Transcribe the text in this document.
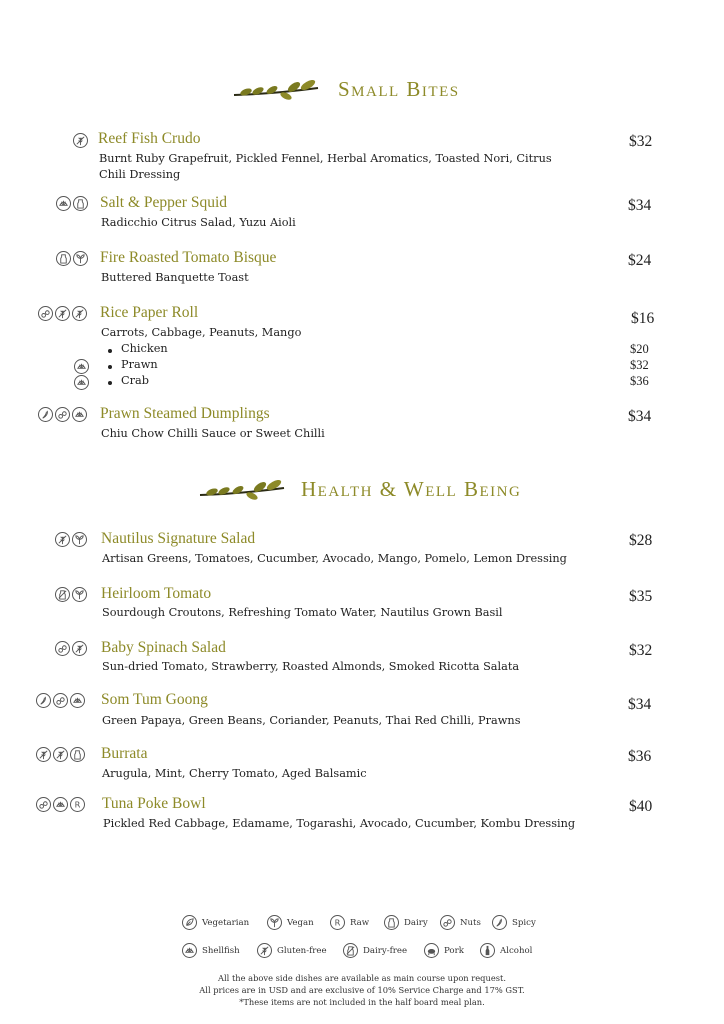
Small Bites
Reef Fish Crudo	$32
Burnt Ruby Grapefruit, Pickled Fennel, Herbal Aromatics, Toasted Nori, Citrus Chili Dressing
Salt & Pepper Squid	$34
Radicchio Citrus Salad, Yuzu Aioli
Fire Roasted Tomato Bisque	$24
Buttered Banquette Toast
Rice Paper Roll	$16
Carrots, Cabbage, Peanuts, Mango
Chicken	$20
Prawn	$32
Crab	$36
Prawn Steamed Dumplings	$34
Chiu Chow Chilli Sauce or Sweet Chilli
Health & Well Being
Nautilus Signature Salad	$28
Artisan Greens, Tomatoes, Cucumber, Avocado, Mango, Pomelo, Lemon Dressing
Heirloom Tomato	$35
Sourdough Croutons, Refreshing Tomato Water, Nautilus Grown Basil
Baby Spinach Salad	$32
Sun-dried Tomato, Strawberry, Roasted Almonds, Smoked Ricotta Salata
Som Tum Goong	$34
Green Papaya, Green Beans, Coriander, Peanuts, Thai Red Chilli, Prawns
Burrata	$36
Arugula, Mint, Cherry Tomato, Aged Balsamic
R Tuna Poke Bowl	$40
Pickled Red Cabbage, Edamame, Togarashi, Avocado, Cucumber, Kombu Dressing
Vegetarian	Vegan R Raw	Dairy	Nuts	Spicy
Shellfish	Gluten-free	Dairy-free	Pork	Alcohol
All the above side dishes are available as main course upon request.
All prices are in USD and are exclusive of 10% Service Charge and 17% GST.
*These items are not included in the half board meal plan.
